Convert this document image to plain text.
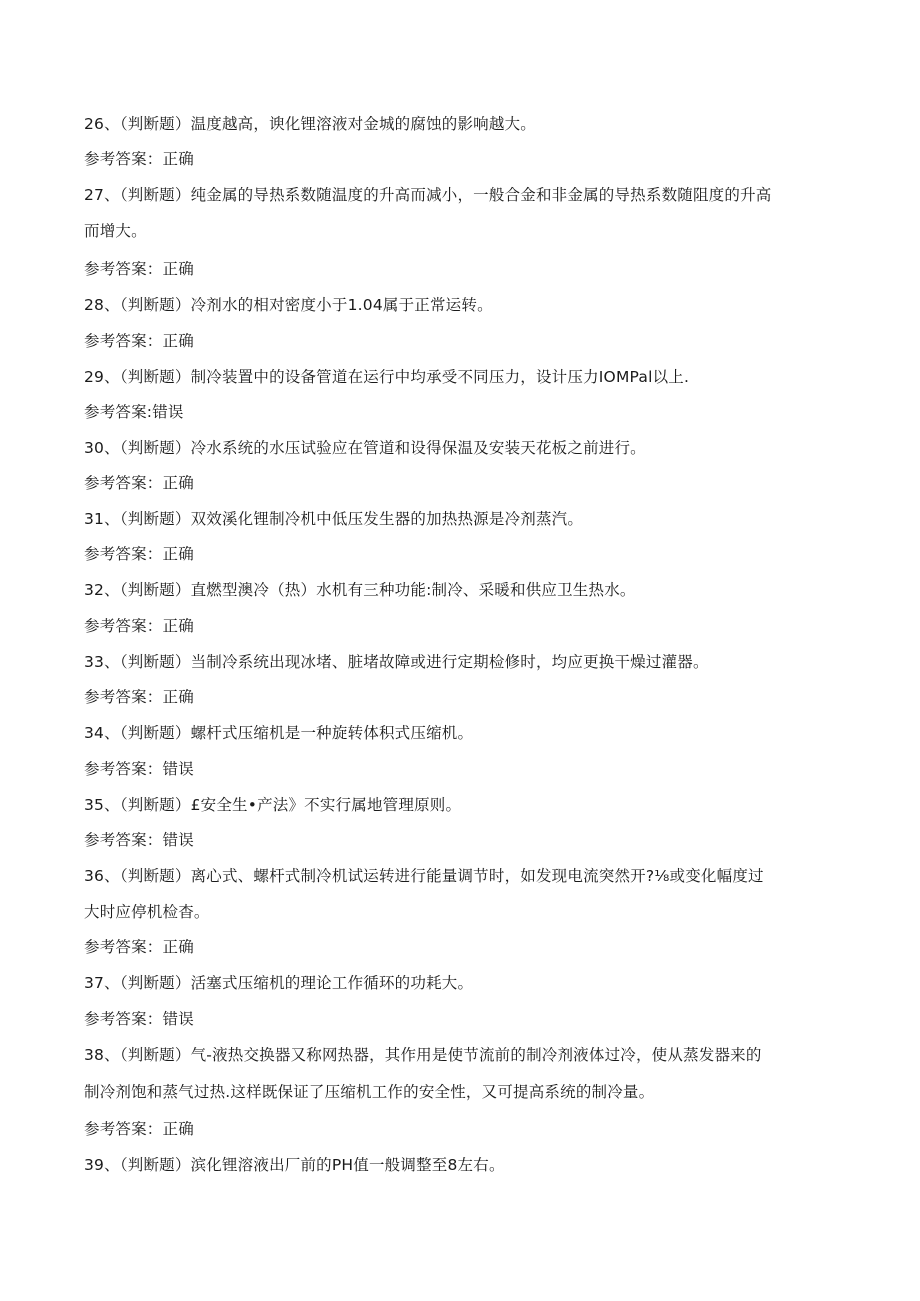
26、（判断题）温度越高，谀化锂溶液对金城的腐蚀的影响越大。
参考答案：正确
27、（判断题）纯金属的导热系数随温度的升高而减小，一般合金和非金属的导热系数随阻度的升高
而增大。
参考答案：正确
28、（判断题）冷剂水的相对密度小于1.04属于正常运转。
参考答案：正确
29、（判断题）制冷装置中的设备管道在运行中均承受不同压力，设计压力IOMPal以上.
参考答案:错误
30、（判断题）冷水系统的水压试验应在管道和设得保温及安装天花板之前进行。
参考答案：正确
31、（判断题）双效溪化锂制冷机中低压发生器的加热热源是冷剂蒸汽。
参考答案：正确
32、（判断题）直燃型澳冷（热）水机有三种功能:制冷、采暖和供应卫生热水。
参考答案：正确
33、（判断题）当制冷系统出现冰堵、脏堵故障或进行定期检修时，均应更换干燥过灌器。
参考答案：正确
34、（判断题）螺杆式压缩机是一种旋转体积式压缩机。
参考答案：错误
35、（判断题）£安全生•产法》不实行属地管理原则。
参考答案：错误
36、（判断题）离心式、螺杆式制冷机试运转进行能量调节时，如发现电流突然开?⅛或变化幅度过
大时应停机检杳。
参考答案：正确
37、（判断题）活塞式压缩机的理论工作循环的功耗大。
参考答案：错误
38、（判断题）气-液热交换器又称网热器，其作用是使节流前的制冷剂液体过冷，使从蒸发器来的
制冷剂饱和蒸气过热.这样既保证了压缩机工作的安全性，又可提高系统的制冷量。
参考答案：正确
39、（判断题）滨化锂溶液出厂前的PH值一般调整至8左右。
